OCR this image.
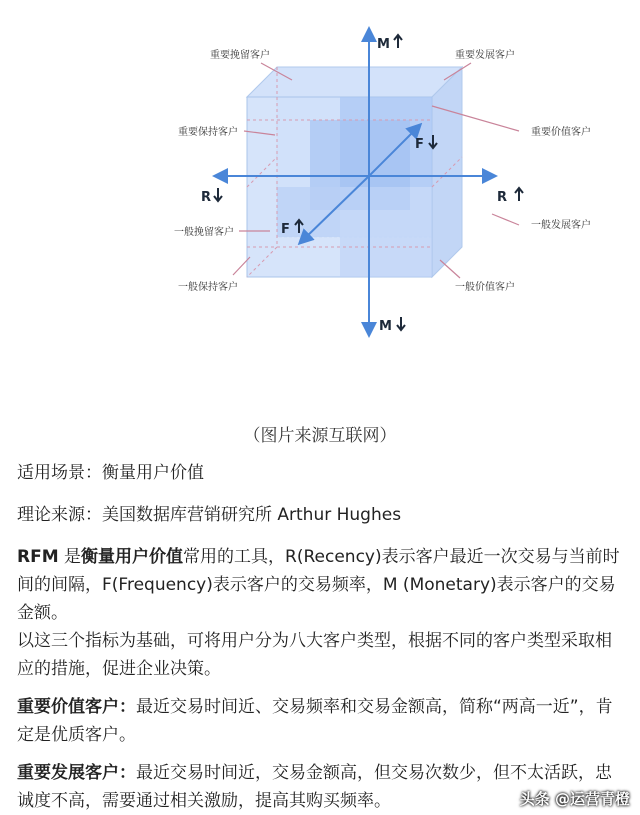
M
M
R	R
F
F
重要挽留客户	重要发展客户
重要保持客户	重要价值客户
一般挽留客户
一般发展客户
一般保持客户	一般价值客户
（图片来源互联网）
适用场景：衡量用户价值
理论来源：美国数据库营销研究所 Arthur Hughes
RFM 是衡量用户价值常用的工具，R(Recency)表示客户最近一次交易与当前时间的间隔，F(Frequency)表示客户的交易频率，M (Monetary)表示客户的交易金额。
以这三个指标为基础，可将用户分为八大客户类型，根据不同的客户类型采取相应的措施，促进企业决策。
重要价值客户：最近交易时间近、交易频率和交易金额高，简称“两高一近”，肯定是优质客户。
重要发展客户：最近交易时间近，交易金额高，但交易次数少，但不太活跃，忠诚度不高，需要通过相关激励，提高其购买频率。	头条 @运营青橙
